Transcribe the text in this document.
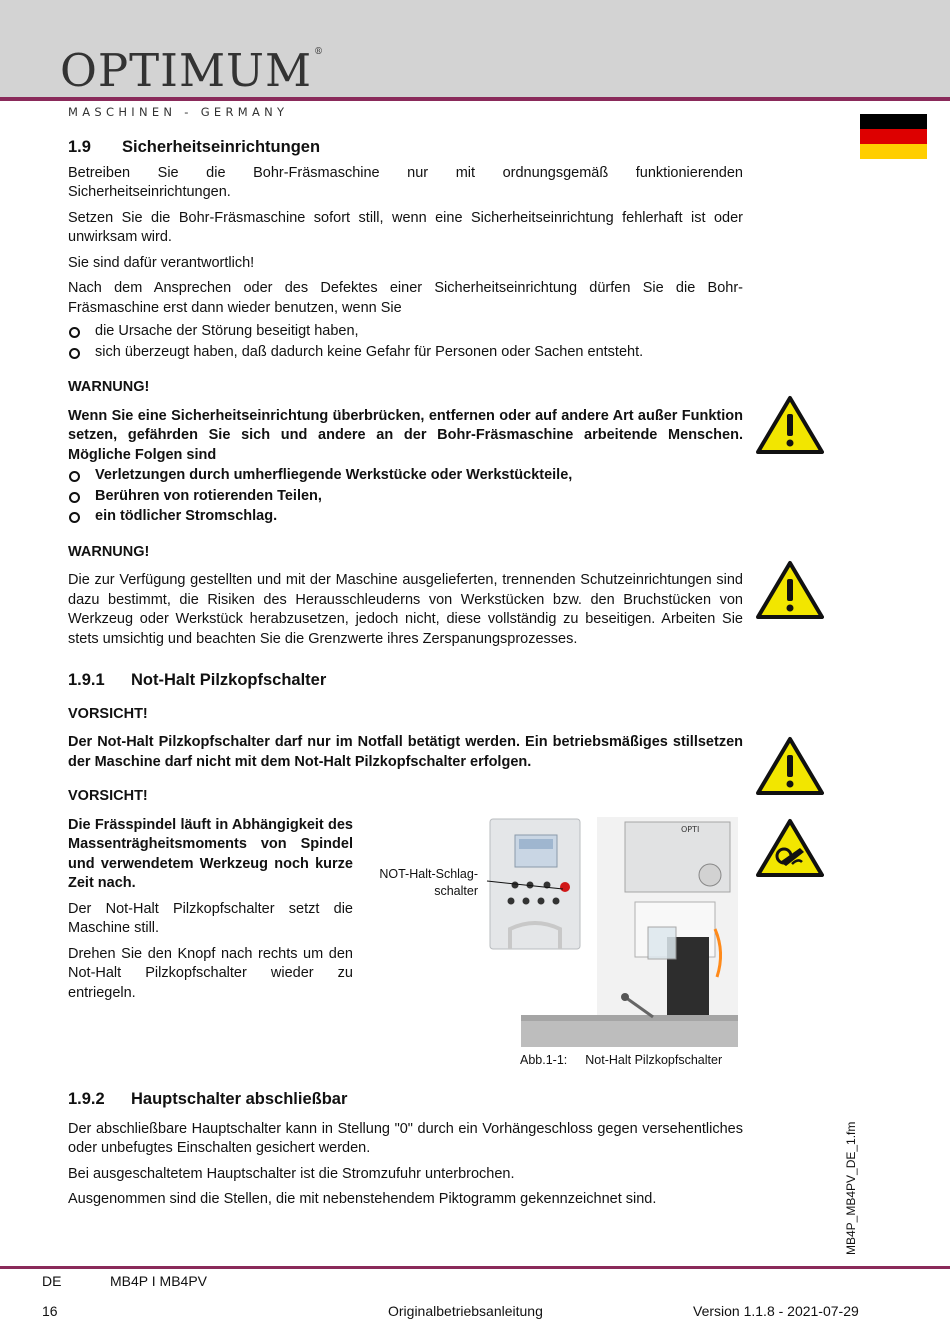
OPTIMUM ®
MASCHINEN - GERMANY
1.9 Sicherheitseinrichtungen

Betreiben Sie die Bohr-Fräsmaschine nur mit ordnungsgemäß funktionierenden Sicherheitseinrichtungen.

Setzen Sie die Bohr-Fräsmaschine sofort still, wenn eine Sicherheitseinrichtung fehlerhaft ist oder unwirksam wird.

Sie sind dafür verantwortlich!

Nach dem Ansprechen oder des Defektes einer Sicherheitseinrichtung dürfen Sie die Bohr-Fräsmaschine erst dann wieder benutzen, wenn Sie

die Ursache der Störung beseitigt haben,
sich überzeugt haben, daß dadurch keine Gefahr für Personen oder Sachen entsteht.
WARNUNG!

Wenn Sie eine Sicherheitseinrichtung überbrücken, entfernen oder auf andere Art außer Funktion setzen, gefährden Sie sich und andere an der Bohr-Fräsmaschine arbeitende Menschen. Mögliche Folgen sind

Verletzungen durch umherfliegende Werkstücke oder Werkstückteile,
Berühren von rotierenden Teilen,
ein tödlicher Stromschlag.
WARNUNG!

Die zur Verfügung gestellten und mit der Maschine ausgelieferten, trennenden Schutzeinrichtungen sind dazu bestimmt, die Risiken des Herausschleuderns von Werkstücken bzw. den Bruchstücken von Werkzeug oder Werkstück herabzusetzen, jedoch nicht, diese vollständig zu beseitigen. Arbeiten Sie stets umsichtig und beachten Sie die Grenzwerte ihres Zerspanungsprozesses.

1.9.1 Not-Halt Pilzkopfschalter
VORSICHT!

Der Not-Halt Pilzkopfschalter darf nur im Notfall betätigt werden. Ein betriebsmäßiges stillsetzen der Maschine darf nicht mit dem Not-Halt Pilzkopfschalter erfolgen.

VORSICHT!

Die Frässpindel läuft in Abhängigkeit des Massenträgheitsmoments von Spindel und verwendetem Werkzeug noch kurze Zeit nach.

Der Not-Halt Pilzkopfschalter setzt die Maschine still.

Drehen Sie den Knopf nach rechts um den Not-Halt Pilzkopfschalter wieder zu entriegeln.

1.9.2 Hauptschalter abschließbar

Der abschließbare Hauptschalter kann in Stellung "0" durch ein Vorhängeschloss gegen versehentliches oder unbefugtes Einschalten gesichert werden.

Bei ausgeschaltetem Hauptschalter ist die Stromzufuhr unterbrochen.

Ausgenommen sind die Stellen, die mit nebenstehendem Piktogramm gekennzeichnet sind.

OPTI
NOT-Halt-Schlag-
schalter
Abb.1-1: Not-Halt Pilzkopfschalter
MB4P_MB4PV_DE_1.fm
DE	MB4P I MB4PV
16	Originalbetriebsanleitung	Version 1.1.8 - 2021-07-29
